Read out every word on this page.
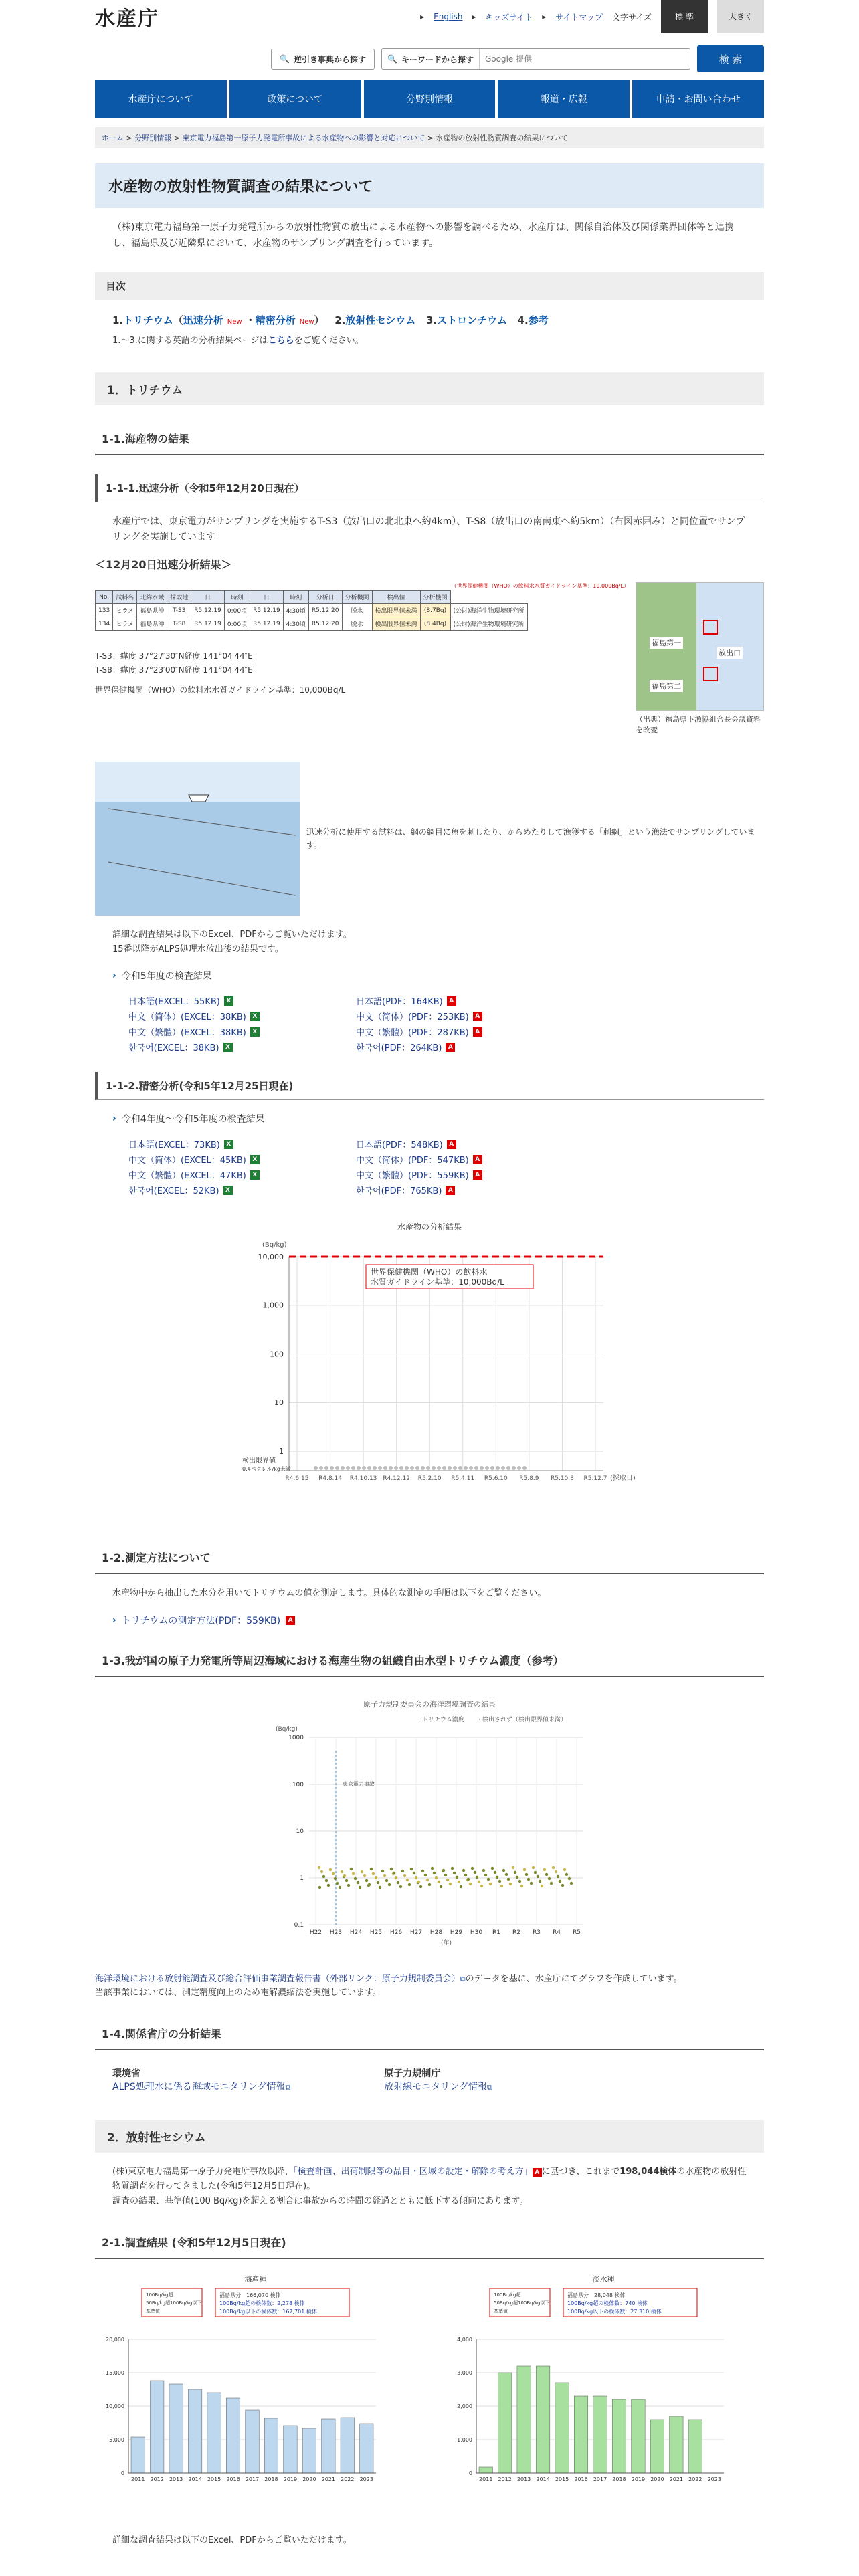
水産庁	▸ English ▸ キッズサイト ▸ サイトマップ 文字サイズ	標 準	大きく
🔍 逆引き事典から探す	🔍 キーワードから探す
Google 提供	検 索
水産庁について	政策について	分野別情報	報道・広報	申請・お問い合わせ
ホーム > 分野別情報 > 東京電力福島第一原子力発電所事故による水産物への影響と対応について > 水産物の放射性物質調査の結果について
水産物の放射性物質調査の結果について
（株)東京電力福島第一原子力発電所からの放射性物質の放出による水産物への影響を調べるため、水産庁は、関係自治体及び関係業界団体等と連携し、福島県及び近隣県において、水産物のサンプリング調査を行っています。
目次
1.トリチウム（迅速分析 New ・精密分析 New）   2.放射性セシウム 3.ストロンチウム 4.参考
1.〜3.に関する英語の分析結果ページはこちらをご覧ください。
1．トリチウム
1-1.海産物の結果
1-1-1.迅速分析（令和5年12月20日現在）
水産庁では、東京電力がサンプリングを実施するT-S3（放出口の北北東へ約4km）、T-S8（放出口の南南東へ約5km）（右図赤囲み）と同位置でサンプリングを実施しています。
＜12月20日迅速分析結果＞
（世界保健機関（WHO）の飲料水水質ガイドライン基準：10,000Bq/L）
No.	試料名	北緯水域	採取地	日	時刻	日	時刻	分析日	分析機関	検出値	分析機関	
133	ヒラメ	福島県沖	T-S3	R5.12.19	0:00頃	R5.12.19	4:30頃	R5.12.20	脱水	検出限界値未満	(8.7Bq)	(公財)海洋生物環境研究所
134	ヒラメ	福島県沖	T-S8	R5.12.19	0:00頃	R5.12.19	4:30頃	R5.12.20	脱水	検出限界値未満	(8.4Bq)	(公財)海洋生物環境研究所
T-S3：緯度 37°27′30″N経度 141°04′44″E
T-S8：緯度 37°23′00″N経度 141°04′44″E
世界保健機関（WHO）の飲料水水質ガイドライン基準：10,000Bq/L
福島第一
放出口
福島第二
（出典）福島県下漁協組合長会議資料を改変
迅速分析に使用する試料は、網の網目に魚を刺したり、からめたりして漁獲する「刺網」という漁法でサンプリングしています。
詳細な調査結果は以下のExcel、PDFからご覧いただけます。
15番以降がALPS処理水放出後の結果です。
› 令和5年度の検査結果
日本語(EXCEL：55KB)	X	日本語(PDF：164KB)	A
中文（简体）(EXCEL：38KB)	X	中文（简体）(PDF：253KB)	A
中文（繁體）(EXCEL：38KB)	X	中文（繁體）(PDF：287KB)	A
한국어(EXCEL：38KB)	X	한국어(PDF：264KB)	A
1-1-2.精密分析(令和5年12月25日現在)
› 令和4年度〜令和5年度の検査結果
日本語(EXCEL：73KB)	X	日本語(PDF：548KB)	A
中文（简体）(EXCEL：45KB)	X	中文（简体）(PDF：547KB)	A
中文（繁體）(EXCEL：47KB)	X	中文（繁體）(PDF：559KB)	A
한국어(EXCEL：52KB)	X	한국어(PDF：765KB)	A
水産物の分析結果
(Bq/kg)
10,000
1,000
100
10
1
R4.6.15 R4.8.14 R4.10.13 R4.12.12 R5.2.10 R5.4.11 R5.6.10 R5.8.9 R5.10.8 R5.12.7
世界保健機関（WHO）の飲料水
水質ガイドライン基準：10,000Bq/L
検出限界値
0.4ベクレル/kg未満
(採取日)
1-2.測定方法について
水産物中から抽出した水分を用いてトリチウムの値を測定します。具体的な測定の手順は以下をご覧ください。
› トリチウムの測定方法(PDF：559KB)	A
1-3.我が国の原子力発電所等周辺海域における海産生物の組織自由水型トリチウム濃度（参考）
原子力規制委員会の海洋環境調査の結果
・トリチウム濃度 ・検出されず（検出限界値未満）
(Bq/kg)
1000
100
10
1
0.1
H22 H23 H24 H25 H26 H27 H28 H29 H30 R1 R2 R3 R4 R5
(年)
東京電力事故
海洋環境における放射能調査及び総合評価事業調査報告書（外部リンク：原子力規制委員会）⧉のデータを基に、水産庁にてグラフを作成しています。
当該事業においては、測定精度向上のため電解濃縮法を実施しています。
1-4.関係省庁の分析結果
環境省
ALPS処理水に係る海域モニタリング情報⧉
原子力規制庁
放射線モニタリング情報⧉
2．放射性セシウム
(株)東京電力福島第一原子力発電所事故以降、「検査計画、出荷制限等の品目・区域の設定・解除の考え方」 A に基づき、これまで198,044検体の水産物の放射性物質調査を行ってきました(令和5年12月5日現在)。
調査の結果、基準値(100 Bq/kg)を超える割合は事故からの時間の経過とともに低下する傾向にあります。
2-1.調査結果 (令和5年12月5日現在)
海産種
100Bq/kg超
50Bq/kg超100Bq/kg以下
基準値
福島県分　166,070 検体
100Bq/kg超の検体数：2,278 検体
100Bq/kg以下の検体数：167,701 検体
0
5,000
10,000
15,000
20,000
2011 2012 2013 2014 2015 2016 2017 2018 2019 2020 2021 2022 2023
淡水種
100Bq/kg超
50Bq/kg超100Bq/kg以下
基準値
福島県分　28,048 検体
100Bq/kg超の検体数：740 検体
100Bq/kg以下の検体数：27,310 検体
0
1,000
2,000
3,000
4,000
2011 2012 2013 2014 2015 2016 2017 2018 2019 2020 2021 2022 2023
詳細な調査結果は以下のExcel、PDFからご覧いただけます。
